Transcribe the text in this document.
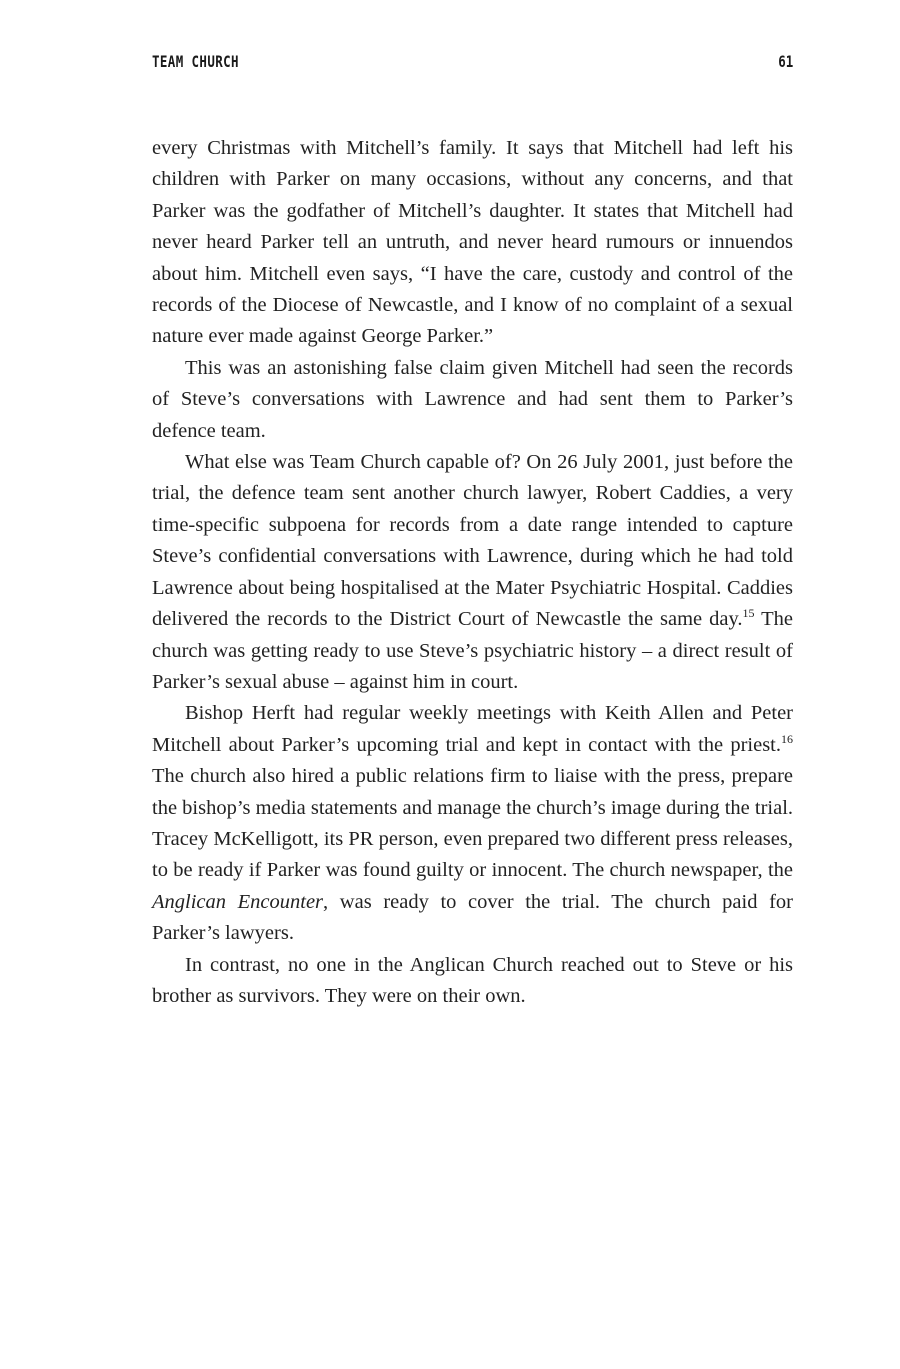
TEAM CHURCH	61

every Christmas with Mitchell’s family. It says that Mitchell had left his children with Parker on many occasions, without any concerns, and that Parker was the godfather of Mitchell’s daughter. It states that Mitchell had never heard Parker tell an untruth, and never heard rumours or innuendos about him. Mitchell even says, “I have the care, custody and control of the records of the Diocese of Newcastle, and I know of no complaint of a sexual nature ever made against George Parker.”

This was an astonishing false claim given Mitchell had seen the records of Steve’s conversations with Lawrence and had sent them to Parker’s defence team.

What else was Team Church capable of? On 26 July 2001, just before the trial, the defence team sent another church lawyer, Robert Caddies, a very time-specific subpoena for records from a date range intended to capture Steve’s confidential conversations with Lawrence, during which he had told Lawrence about being hospitalised at the Mater Psychiatric Hospital. Caddies delivered the records to the District Court of Newcastle the same day.$^{15}$ The church was getting ready to use Steve’s psychiatric history – a direct result of Parker’s sexual abuse – against him in court.

Bishop Herft had regular weekly meetings with Keith Allen and Peter Mitchell about Parker’s upcoming trial and kept in contact with the priest.$^{16}$ The church also hired a public relations firm to liaise with the press, prepare the bishop’s media statements and manage the church’s image during the trial. Tracey McKelligott, its PR person, even prepared two different press releases, to be ready if Parker was found guilty or innocent. The church newspaper, the Anglican Encounter, was ready to cover the trial. The church paid for Parker’s lawyers.

In contrast, no one in the Anglican Church reached out to Steve or his brother as survivors. They were on their own.
